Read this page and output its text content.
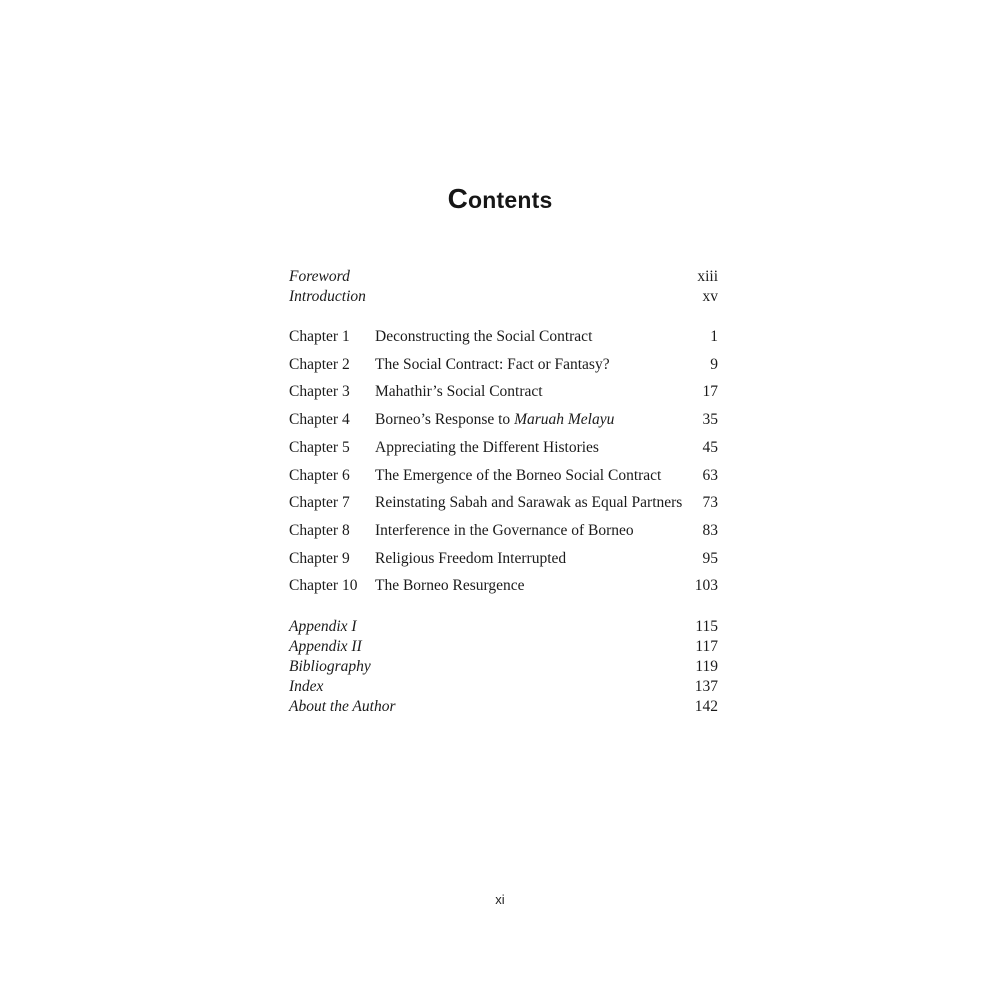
Contents
Foreword	xiii
Introduction	xv
Chapter 1	Deconstructing the Social Contract	1
Chapter 2	The Social Contract: Fact or Fantasy?	9
Chapter 3	Mahathir’s Social Contract	17
Chapter 4	Borneo’s Response to Maruah Melayu	35
Chapter 5	Appreciating the Different Histories	45
Chapter 6	The Emergence of the Borneo Social Contract	63
Chapter 7	Reinstating Sabah and Sarawak as Equal Partners	73
Chapter 8	Interference in the Governance of Borneo	83
Chapter 9	Religious Freedom Interrupted	95
Chapter 10	The Borneo Resurgence	103
Appendix I	115
Appendix II	117
Bibliography	119
Index	137
About the Author	142
xi
